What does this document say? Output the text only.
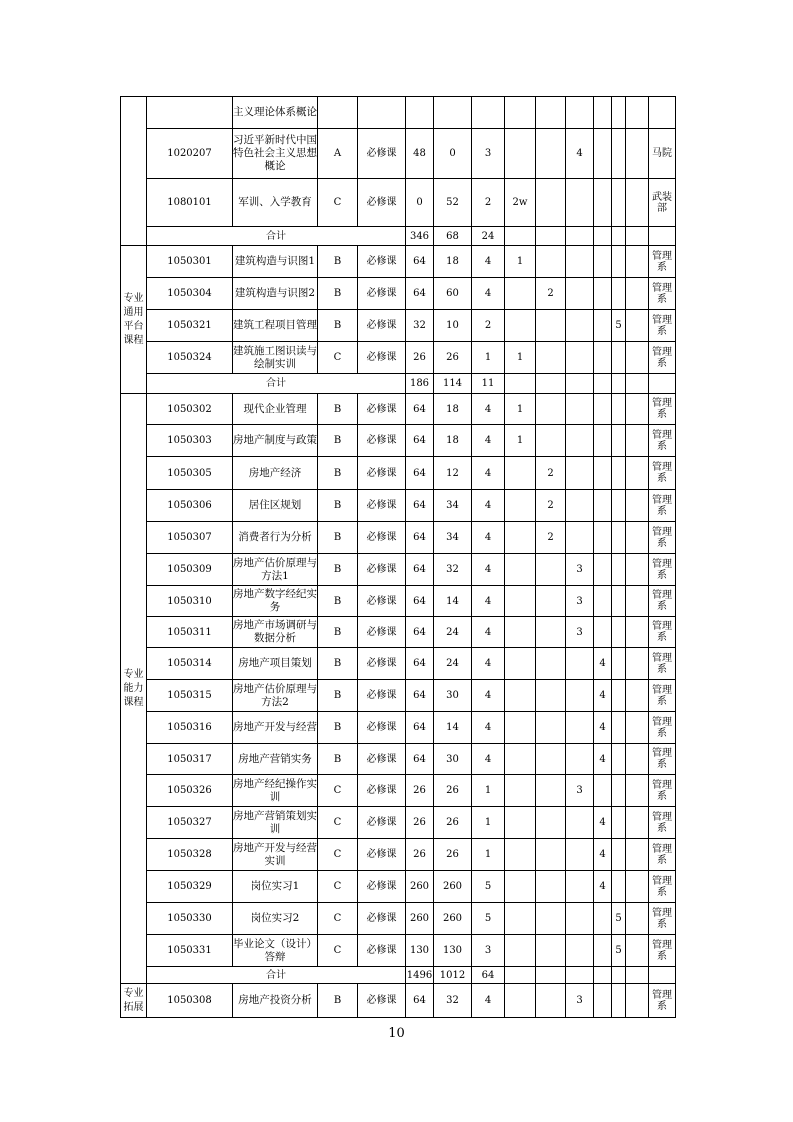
		主义理论体系概论												

	1020207	习近平新时代中国特色社会主义思想概论	A	必修课	48	0	3			4				马院

	1080101	军训、入学教育	C	必修课	0	52	2	2w						武装部

	合计				346	68	24								

专业通用平台课程	1050301	建筑构造与识图1	B	必修课	64	18	4	1						管理系	

	1050304	建筑构造与识图2	B	必修课	64	60	4		2					管理系

	1050321	建筑工程项目管理	B	必修课	32	10	2					5		管理系

	1050324	建筑施工图识读与绘制实训	C	必修课	26	26	1	1						管理系

	合计				186	114	11								

专业能力课程	1050302	现代企业管理	B	必修课	64	18	4	1						管理系

	1050303	房地产制度与政策	B	必修课	64	18	4	1						管理系

	1050305	房地产经济	B	必修课	64	12	4		2					管理系

	1050306	居住区规划	B	必修课	64	34	4		2					管理系

	1050307	消费者行为分析	B	必修课	64	34	4		2					管理系

	1050309	房地产估价原理与方法1	B	必修课	64	32	4			3				管理系

	1050310	房地产数字经纪实务	B	必修课	64	14	4			3				管理系

	1050311	房地产市场调研与数据分析	B	必修课	64	24	4			3				管理系

	1050314	房地产项目策划	B	必修课	64	24	4				4			管理系

	1050315	房地产估价原理与方法2	B	必修课	64	30	4				4			管理系

	1050316	房地产开发与经营	B	必修课	64	14	4				4			管理系

	1050317	房地产营销实务	B	必修课	64	30	4				4			管理系

	1050326	房地产经纪操作实训	C	必修课	26	26	1			3				管理系

	1050327	房地产营销策划实训	C	必修课	26	26	1				4			管理系

	1050328	房地产开发与经营实训	C	必修课	26	26	1				4			管理系

	1050329	岗位实习1	C	必修课	260	260	5				4			管理系

	1050330	岗位实习2	C	必修课	260	260	5					5		管理系

	1050331	毕业论文（设计）答辩	C	必修课	130	130	3					5		管理系

	合计				1496	1012	64								

专业拓展	1050308	房地产投资分析	B	必修课	64	32	4			3				管理系

10
